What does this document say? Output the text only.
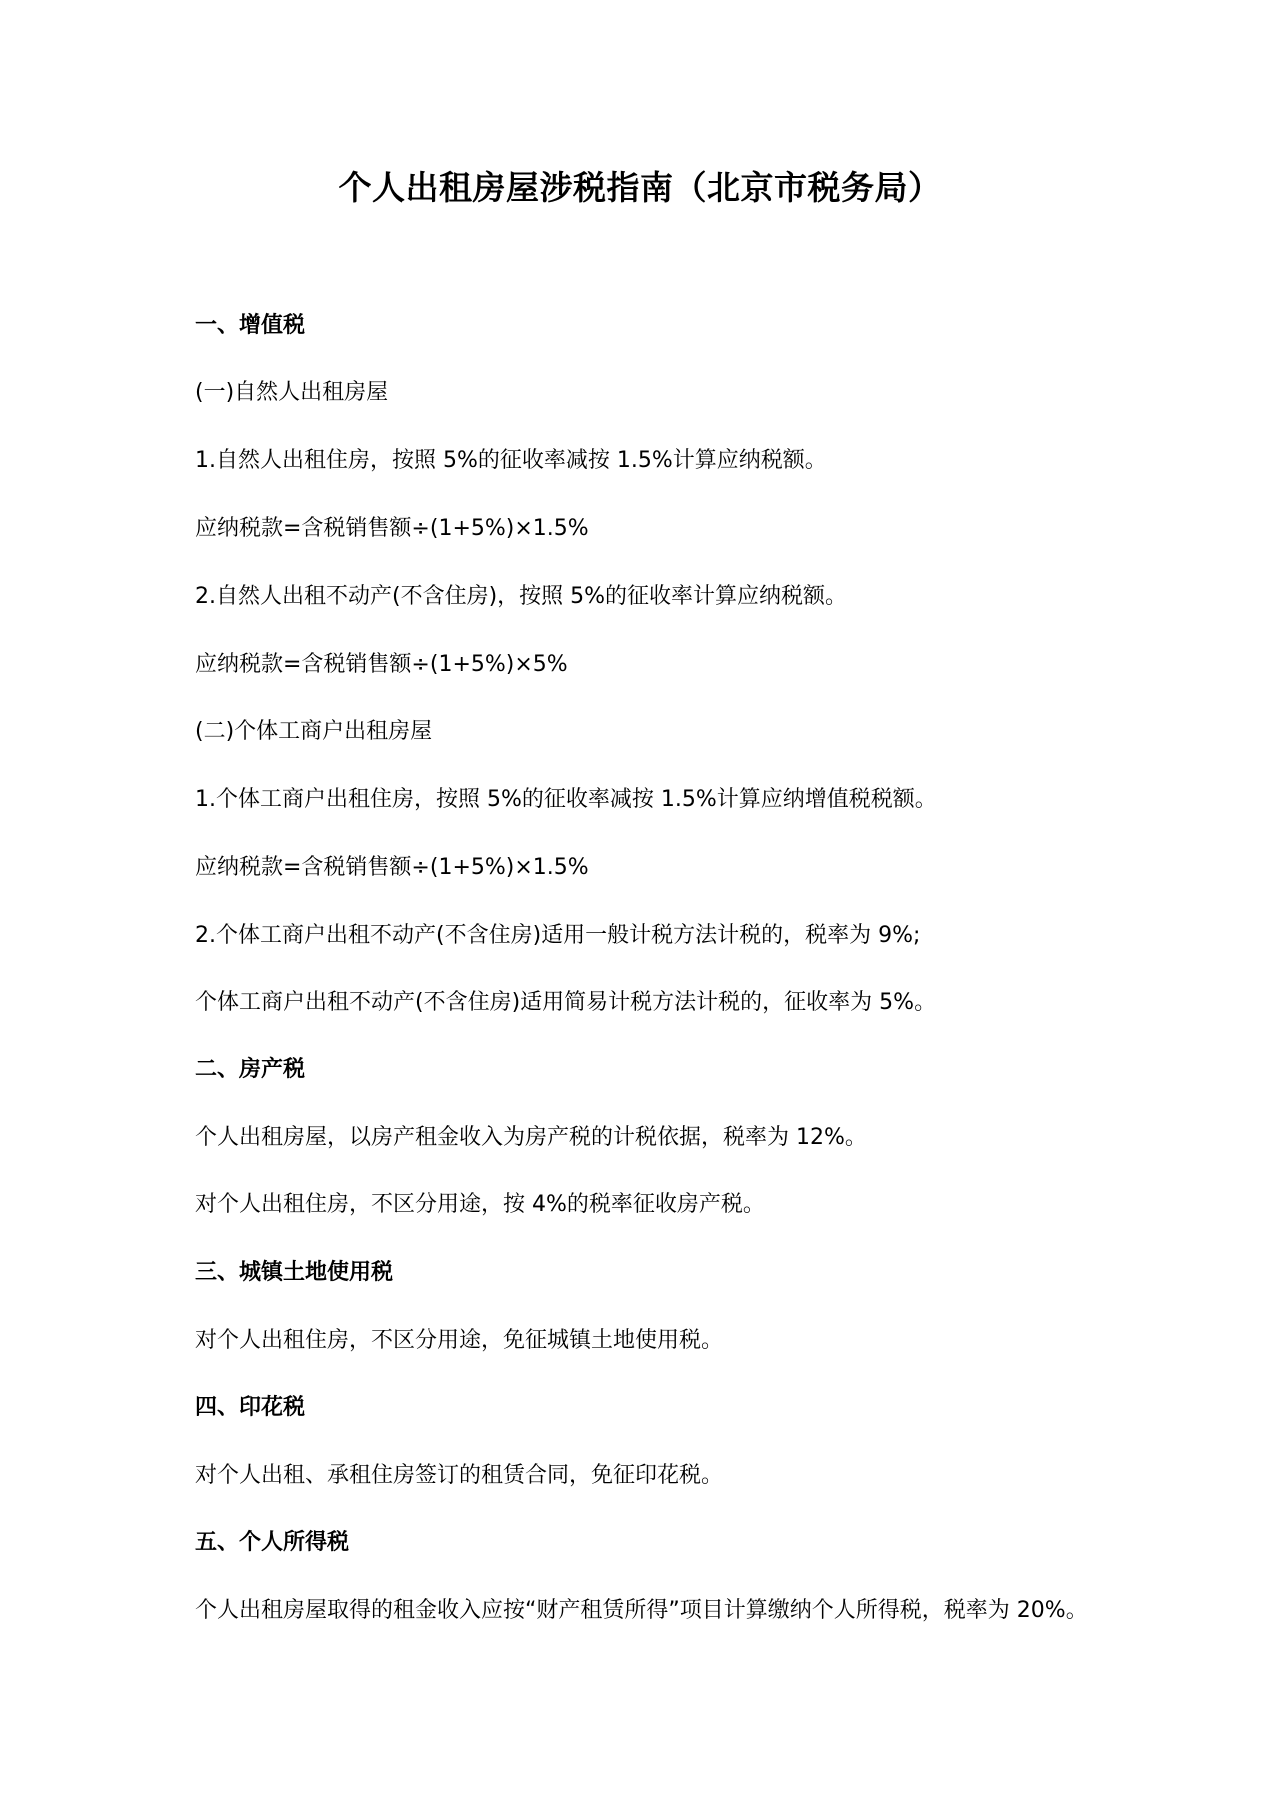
个人出租房屋涉税指南（北京市税务局）
一、增值税
(一)自然人出租房屋
1.自然人出租住房，按照 5%的征收率减按 1.5%计算应纳税额。
应纳税款=含税销售额÷(1+5%)×1.5%
2.自然人出租不动产(不含住房)，按照 5%的征收率计算应纳税额。
应纳税款=含税销售额÷(1+5%)×5%
(二)个体工商户出租房屋
1.个体工商户出租住房，按照 5%的征收率减按 1.5%计算应纳增值税税额。
应纳税款=含税销售额÷(1+5%)×1.5%
2.个体工商户出租不动产(不含住房)适用一般计税方法计税的，税率为 9%;
个体工商户出租不动产(不含住房)适用简易计税方法计税的，征收率为 5%。
二、房产税
个人出租房屋，以房产租金收入为房产税的计税依据，税率为 12%。
对个人出租住房，不区分用途，按 4%的税率征收房产税。
三、城镇土地使用税
对个人出租住房，不区分用途，免征城镇土地使用税。
四、印花税
对个人出租、承租住房签订的租赁合同，免征印花税。
五、个人所得税
个人出租房屋取得的租金收入应按“财产租赁所得”项目计算缴纳个人所得税，税率为 20%。
